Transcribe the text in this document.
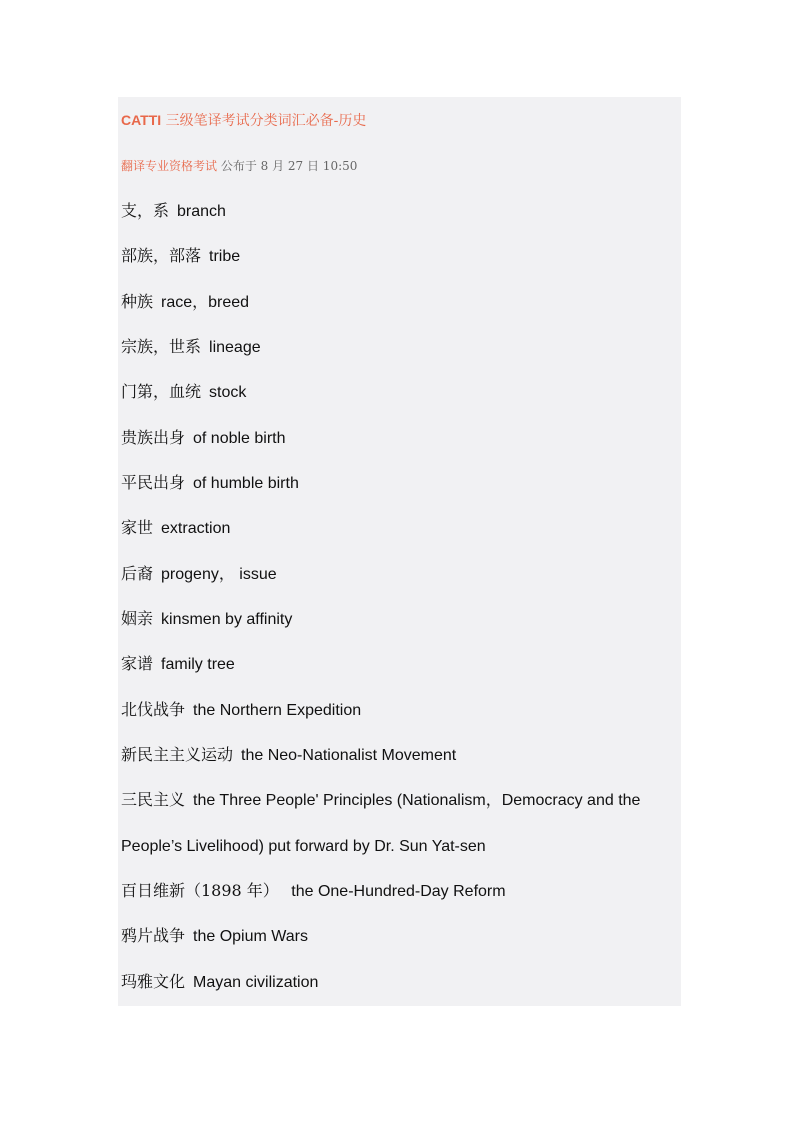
CATTI 三级笔译考试分类词汇必备-历史
翻译专业资格考试 公布于 8 月 27 日 10:50
支，系 branch
部族，部落 tribe
种族 race，breed
宗族，世系 lineage
门第，血统 stock
贵族出身 of noble birth
平民出身 of humble birth
家世 extraction
后裔 progeny， issue
姻亲 kinsmen by affinity
家谱 family tree
北伐战争 the Northern Expedition
新民主主义运动 the Neo-Nationalist Movement
三民主义 the Three People' Principles (Nationalism，Democracy and the
People’s Livelihood) put forward by Dr. Sun Yat-sen
百日维新（1898 年） the One-Hundred-Day Reform
鸦片战争 the Opium Wars
玛雅文化 Mayan civilization
